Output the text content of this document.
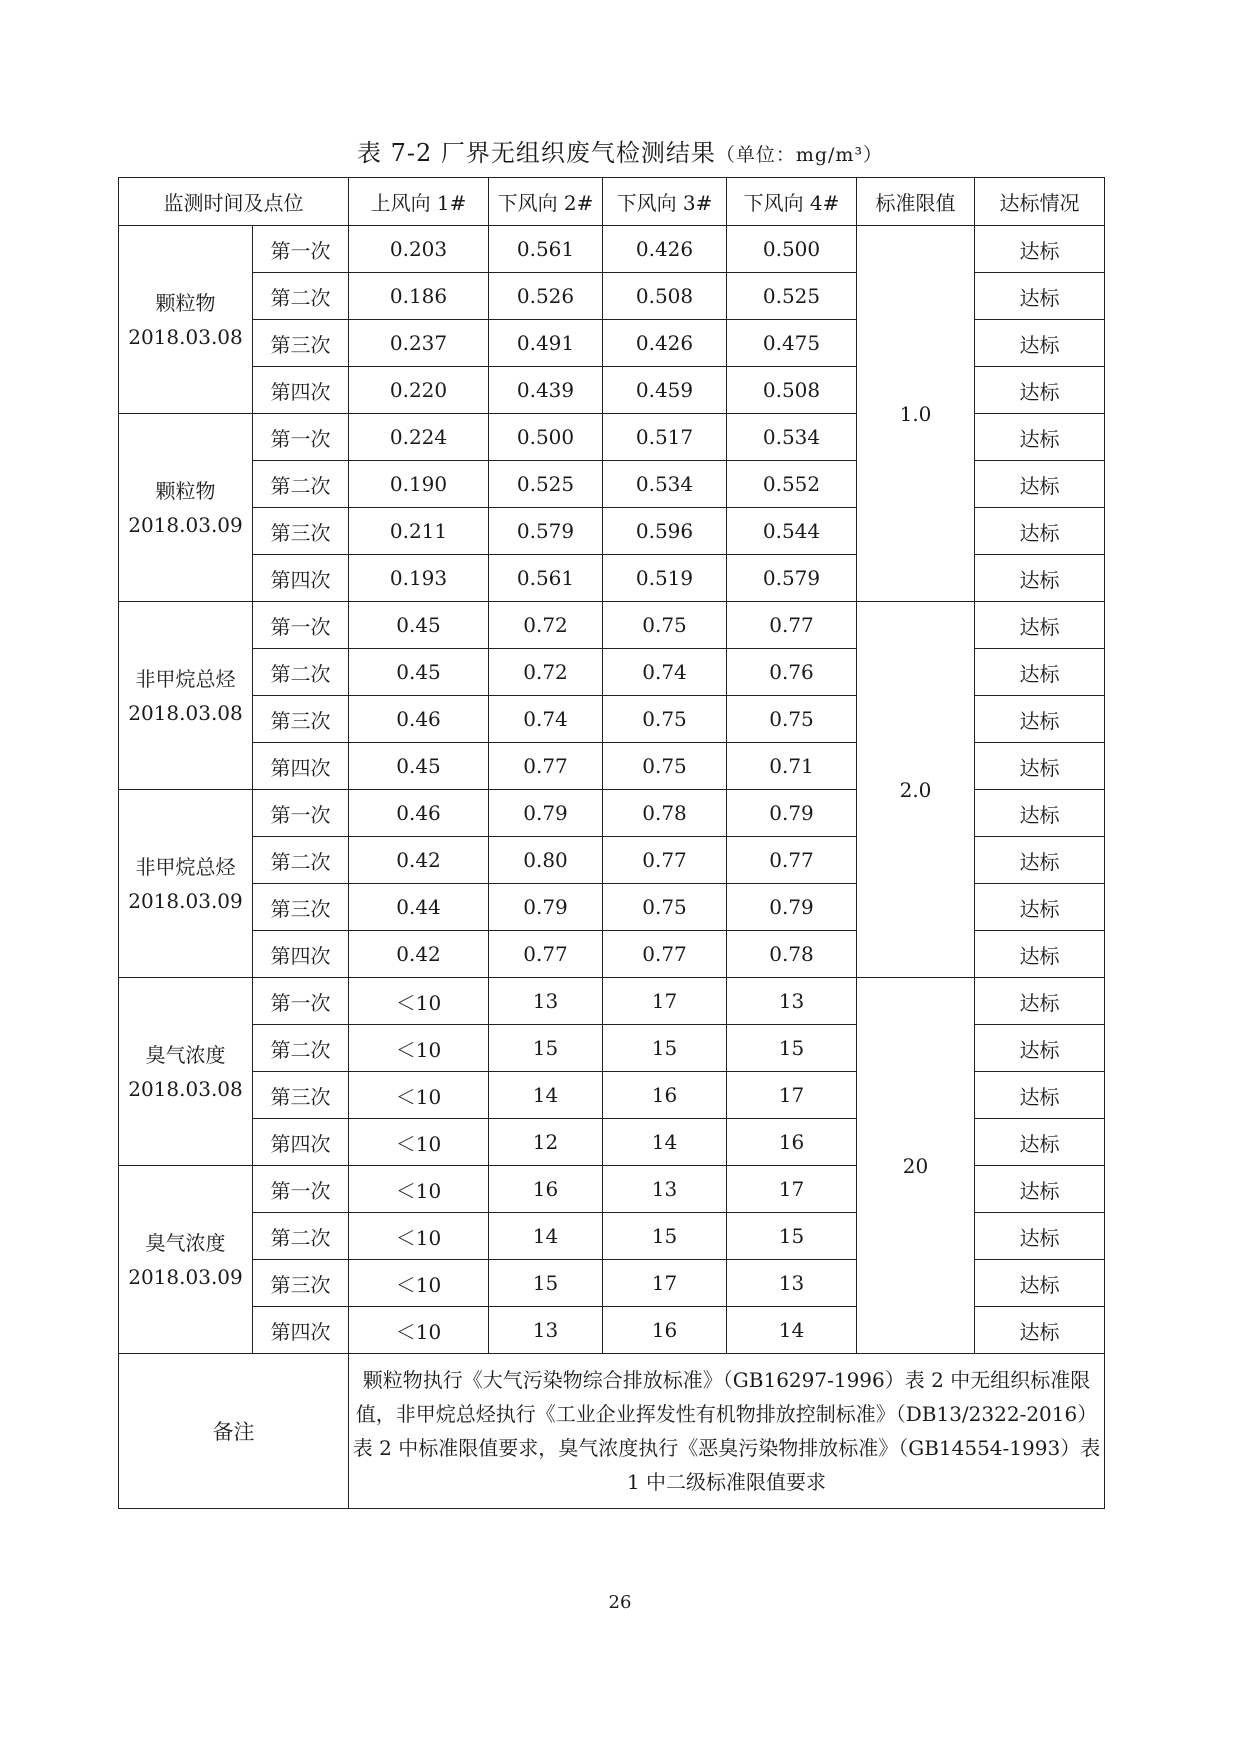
表 7-2 厂界无组织废气检测结果（单位：mg/m³）
监测时间及点位		上风向 1#	下风向 2#	下风向 3#	下风向 4#	标准限值	达标情况
颗粒物
2018.03.08	第一次	0.203	0.561	0.426	0.500	1.0	达标
	第二次	0.186	0.526	0.508	0.525		达标
	第三次	0.237	0.491	0.426	0.475		达标
	第四次	0.220	0.439	0.459	0.508		达标
颗粒物
2018.03.09	第一次	0.224	0.500	0.517	0.534		达标
	第二次	0.190	0.525	0.534	0.552		达标
	第三次	0.211	0.579	0.596	0.544		达标
	第四次	0.193	0.561	0.519	0.579		达标
非甲烷总烃
2018.03.08	第一次	0.45	0.72	0.75	0.77	2.0	达标
	第二次	0.45	0.72	0.74	0.76		达标
	第三次	0.46	0.74	0.75	0.75		达标
	第四次	0.45	0.77	0.75	0.71		达标
非甲烷总烃
2018.03.09	第一次	0.46	0.79	0.78	0.79		达标
	第二次	0.42	0.80	0.77	0.77		达标
	第三次	0.44	0.79	0.75	0.79		达标
	第四次	0.42	0.77	0.77	0.78		达标
臭气浓度
2018.03.08	第一次	＜10	13	17	13	20	达标
	第二次	＜10	15	15	15		达标
	第三次	＜10	14	16	17		达标
	第四次	＜10	12	14	16		达标
臭气浓度
2018.03.09	第一次	＜10	16	13	17		达标
	第二次	＜10	14	15	15		达标
	第三次	＜10	15	17	13		达标
	第四次	＜10	13	16	14		达标
备注		颗粒物执行《大气污染物综合排放标准》（GB16297-1996）表 2 中无组织标准限值，非甲烷总烃执行《工业企业挥发性有机物排放控制标准》（DB13/2322-2016）表 2 中标准限值要求，臭气浓度执行《恶臭污染物排放标准》（GB14554-1993）表 1 中二级标准限值要求					
26
